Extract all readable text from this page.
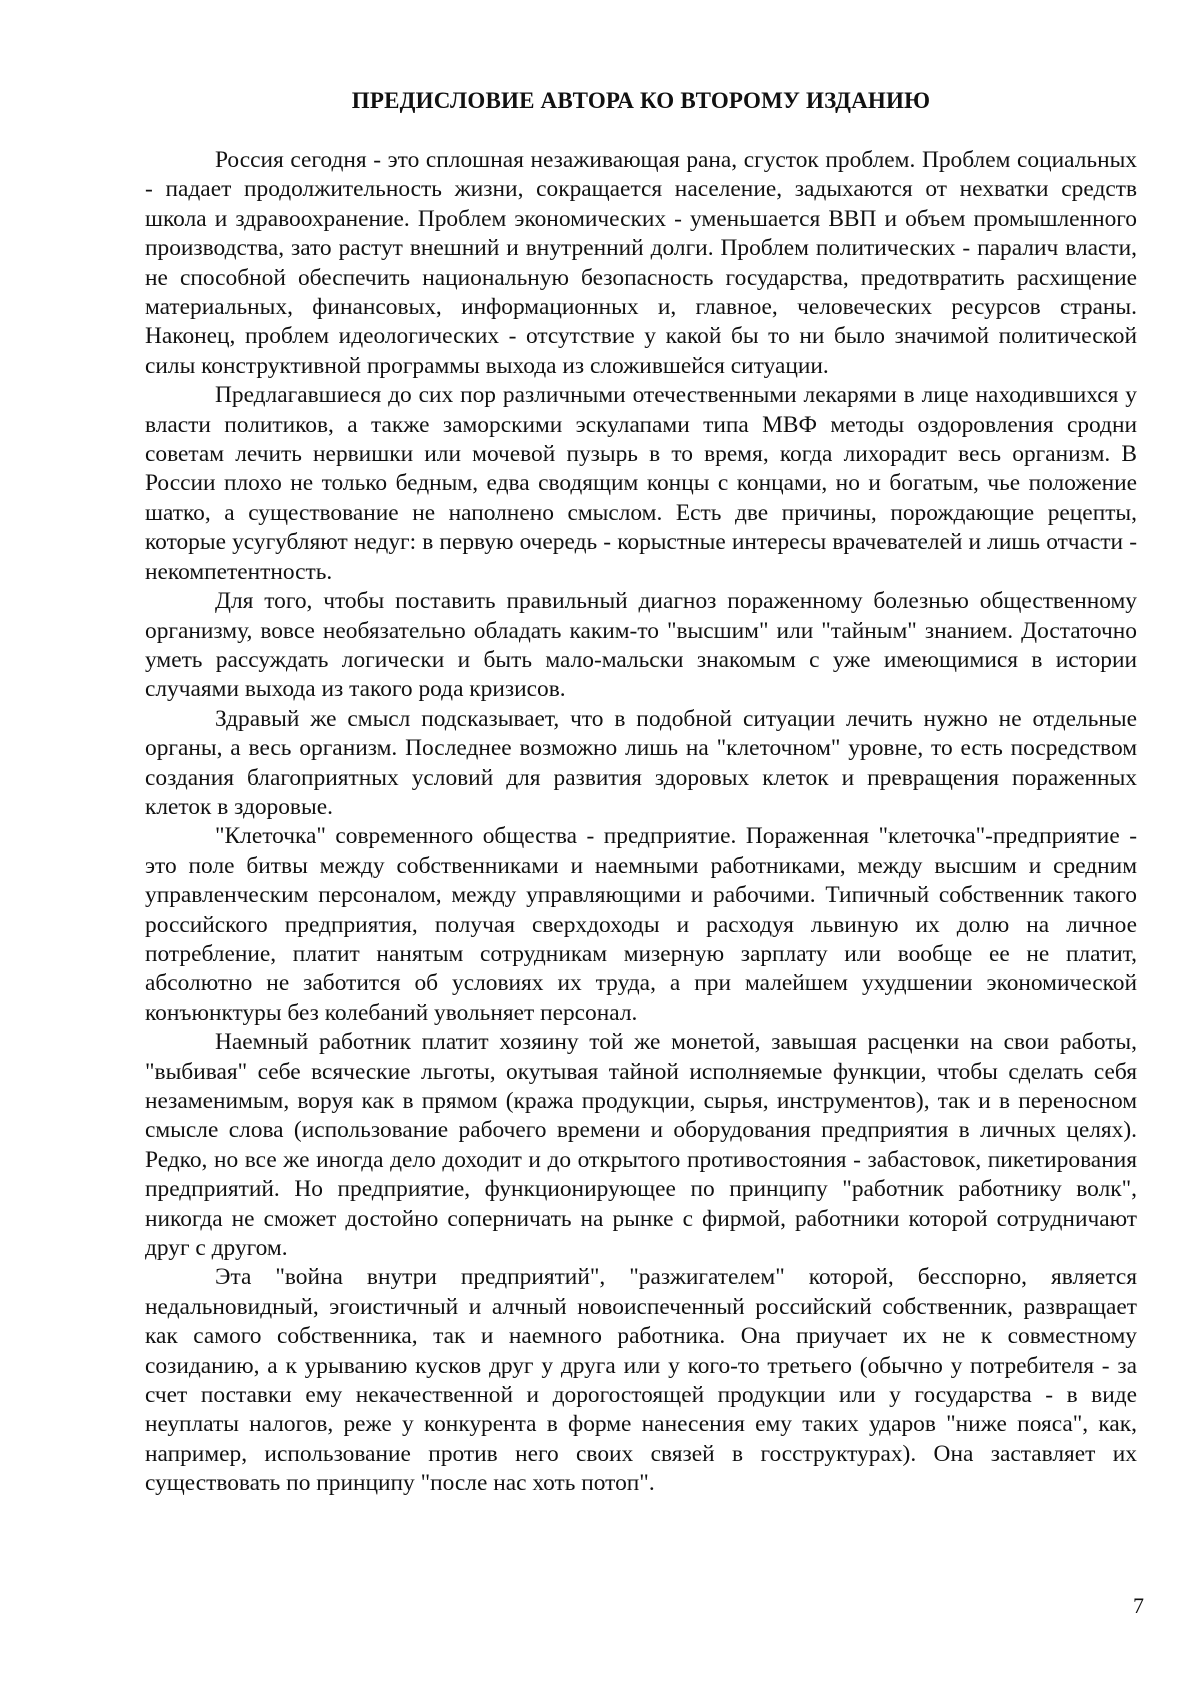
ПРЕДИСЛОВИЕ АВТОРА КО ВТОРОМУ ИЗДАНИЮ

Россия сегодня - это сплошная незаживающая рана, сгусток проблем. Проблем социальных - падает продолжительность жизни, сокращается население, задыхаются от нехватки средств школа и здравоохранение. Проблем экономических - уменьшается ВВП и объем промышленного производства, зато растут внешний и внутренний долги. Проблем политических - паралич власти, не способной обеспечить национальную безопасность государства, предотвратить расхищение материальных, финансовых, информационных и, главное, человеческих ресурсов страны. Наконец, проблем идеологических - отсутствие у какой бы то ни было значимой политической силы конструктивной программы выхода из сложившейся ситуации.

Предлагавшиеся до сих пор различными отечественными лекарями в лице находившихся у власти политиков, а также заморскими эскулапами типа МВФ методы оздоровления сродни советам лечить нервишки или мочевой пузырь в то время, когда лихорадит весь организм. В России плохо не только бедным, едва сводящим концы с концами, но и богатым, чье положение шатко, а существование не наполнено смыслом. Есть две причины, порождающие рецепты, которые усугубляют недуг: в первую очередь - корыстные интересы врачевателей и лишь отчасти - некомпетентность.

Для того, чтобы поставить правильный диагноз пораженному болезнью общественному организму, вовсе необязательно обладать каким-то "высшим" или "тайным" знанием. Достаточно уметь рассуждать логически и быть мало-мальски знакомым с уже имеющимися в истории случаями выхода из такого рода кризисов.

Здравый же смысл подсказывает, что в подобной ситуации лечить нужно не отдельные органы, а весь организм. Последнее возможно лишь на "клеточном" уровне, то есть посредством создания благоприятных условий для развития здоровых клеток и превращения пораженных клеток в здоровые.

"Клеточка" современного общества - предприятие. Пораженная "клеточка"-предприятие - это поле битвы между собственниками и наемными работниками, между высшим и средним управленческим персоналом, между управляющими и рабочими. Типичный собственник такого российского предприятия, получая сверхдоходы и расходуя львиную их долю на личное потребление, платит нанятым сотрудникам мизерную зарплату или вообще ее не платит, абсолютно не заботится об условиях их труда, а при малейшем ухудшении экономической конъюнктуры без колебаний увольняет персонал.

Наемный работник платит хозяину той же монетой, завышая расценки на свои работы, "выбивая" себе всяческие льготы, окутывая тайной исполняемые функции, чтобы сделать себя незаменимым, воруя как в прямом (кража продукции, сырья, инструментов), так и в переносном смысле слова (использование рабочего времени и оборудования предприятия в личных целях). Редко, но все же иногда дело доходит и до открытого противостояния - забастовок, пикетирования предприятий. Но предприятие, функционирующее по принципу "работник работнику волк", никогда не сможет достойно соперничать на рынке с фирмой, работники которой сотрудничают друг с другом.

Эта "война внутри предприятий", "разжигателем" которой, бесспорно, является недальновидный, эгоистичный и алчный новоиспеченный российский собственник, развращает как самого собственника, так и наемного работника. Она приучает их не к совместному созиданию, а к урыванию кусков друг у друга или у кого-то третьего (обычно у потребителя - за счет поставки ему некачественной и дорогостоящей продукции или у государства - в виде неуплаты налогов, реже у конкурента в форме нанесения ему таких ударов "ниже пояса", как, например, использование против него своих связей в госструктурах). Она заставляет их существовать по принципу "после нас хоть потоп".

7
